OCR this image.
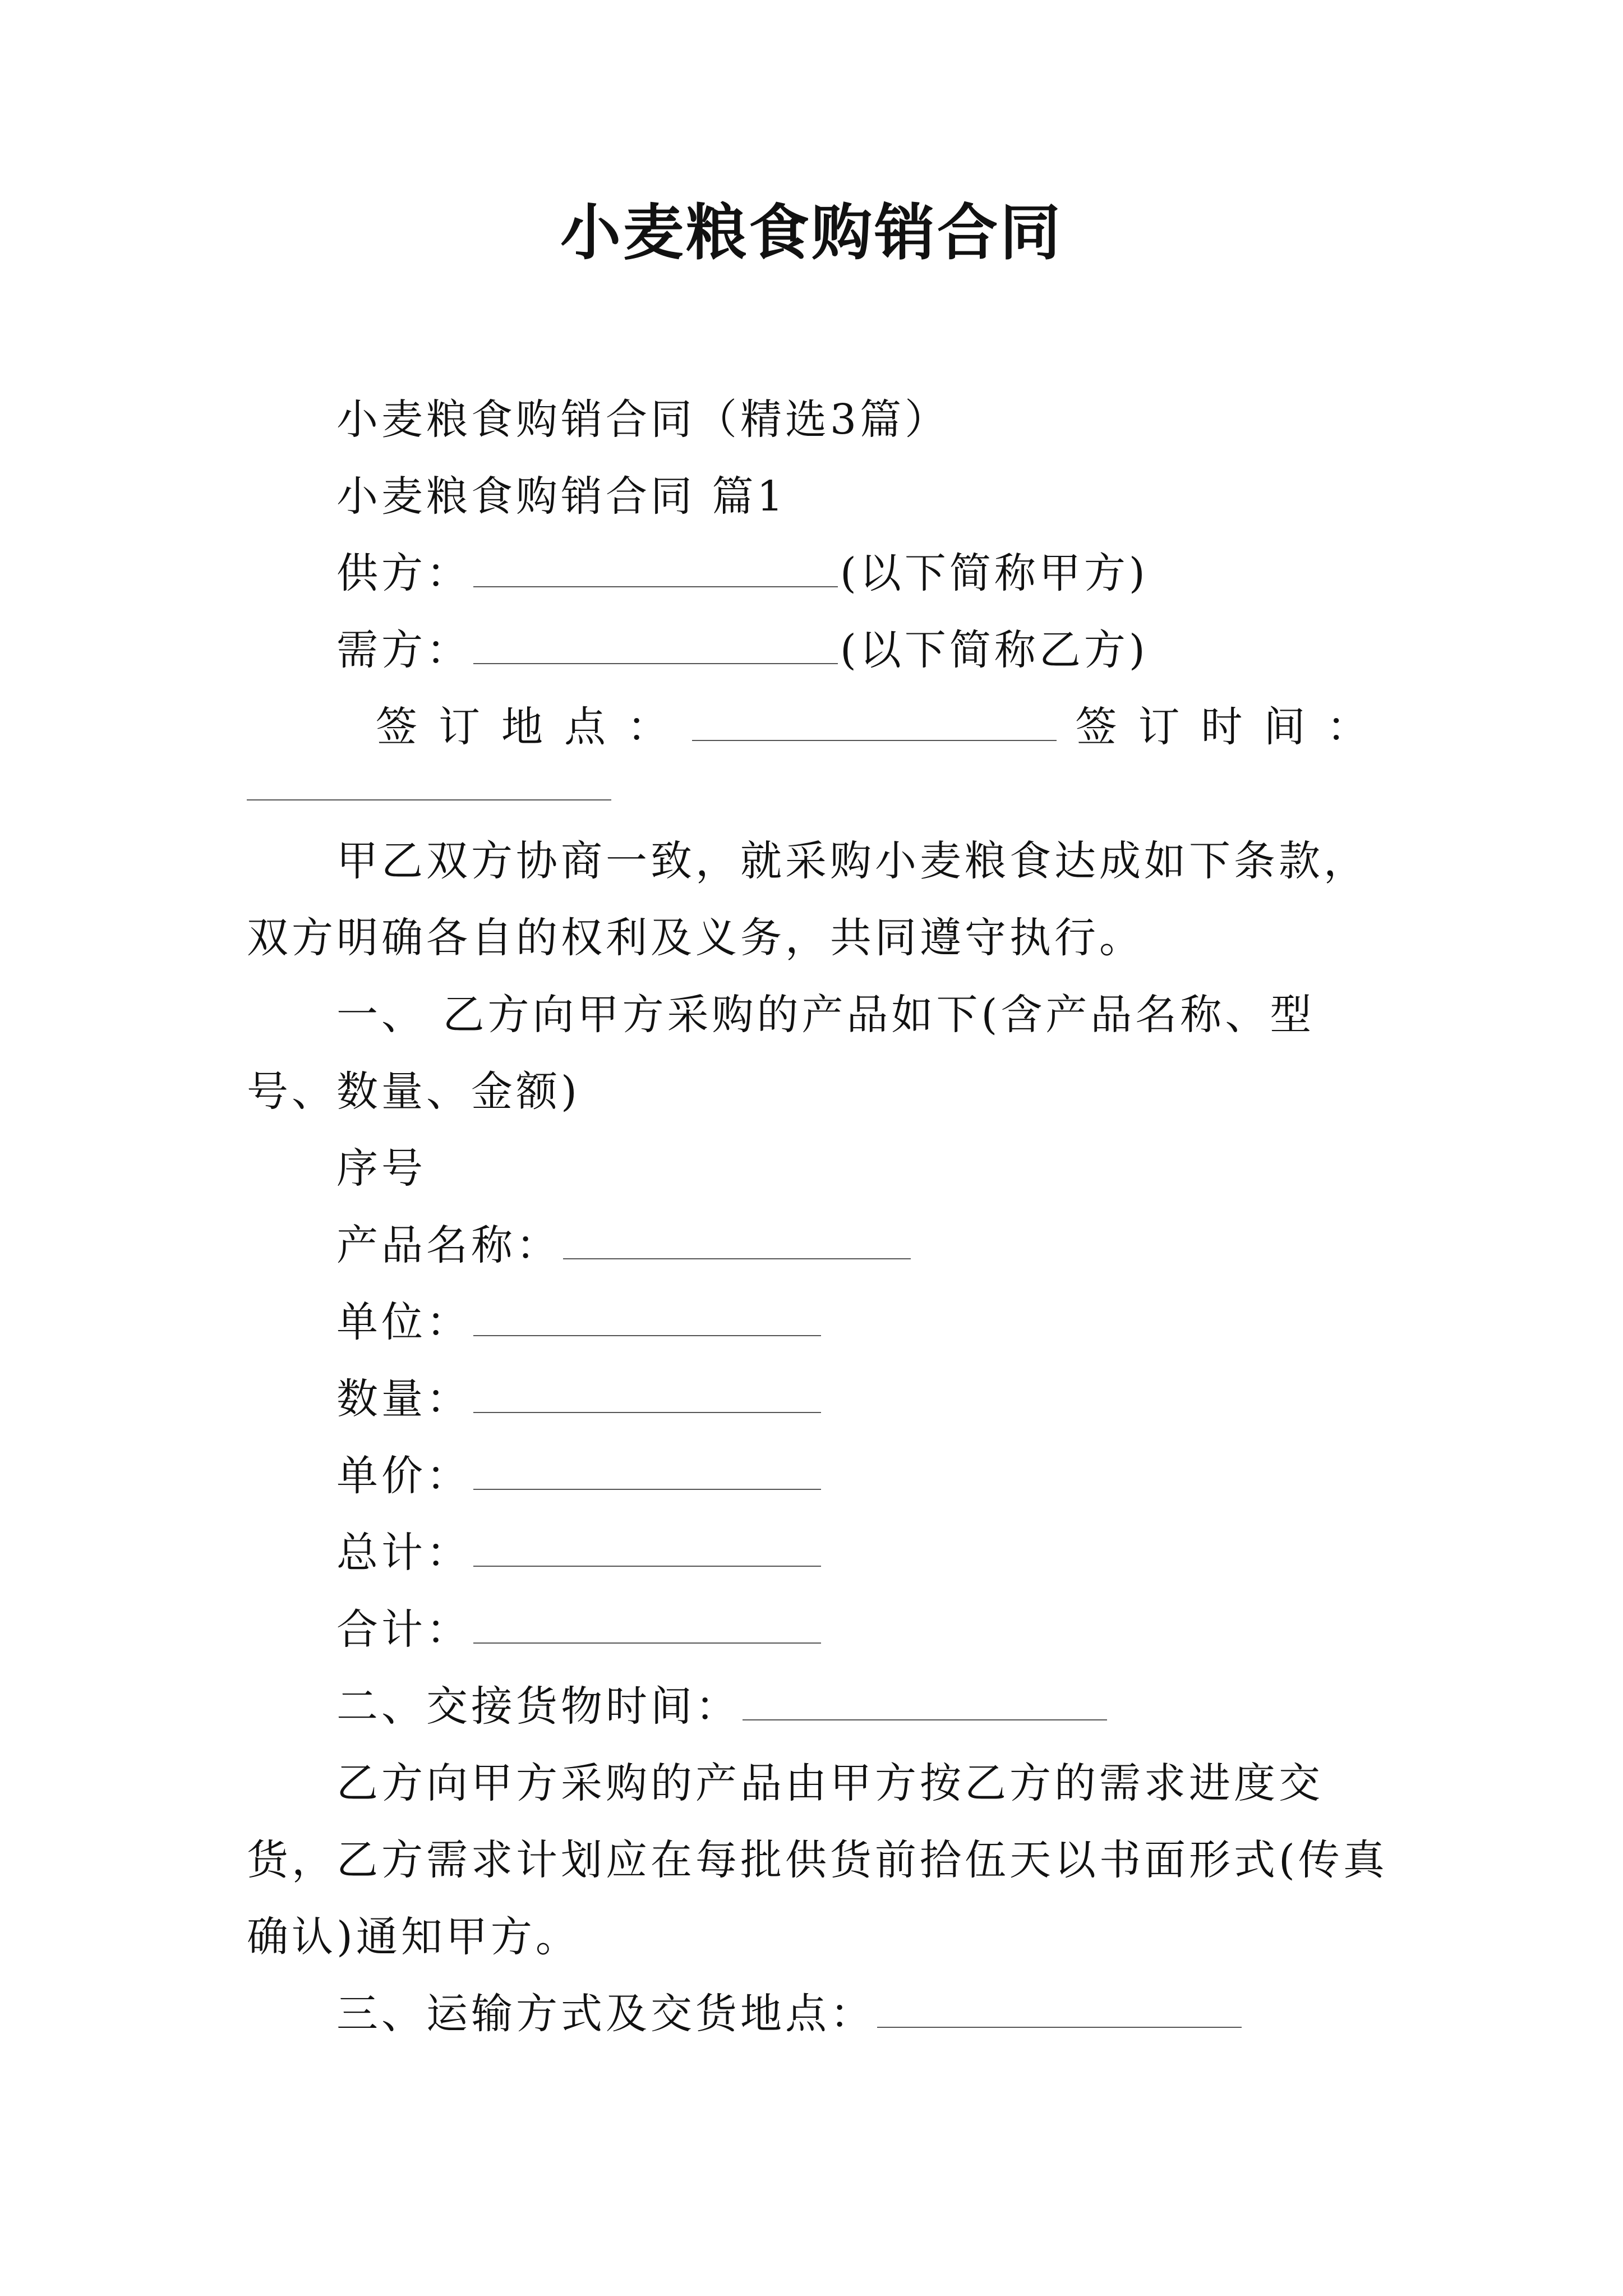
小麦粮食购销合同

小麦粮食购销合同（精选3篇）

小麦粮食购销合同 篇1

供方：	(以下简称甲方)

需方：	(以下简称乙方)

签订地点：	签订时间：

甲乙双方协商一致，就采购小麦粮食达成如下条款，双方明确各自的权利及义务，共同遵守执行。

一、 乙方向甲方采购的产品如下(含产品名称、型号、数量、金额)

序号

产品名称：

单位：

数量：

单价：

总计：

合计：

二、交接货物时间：

乙方向甲方采购的产品由甲方按乙方的需求进度交货，乙方需求计划应在每批供货前拾伍天以书面形式(传真确认)通知甲方。

三、运输方式及交货地点：
